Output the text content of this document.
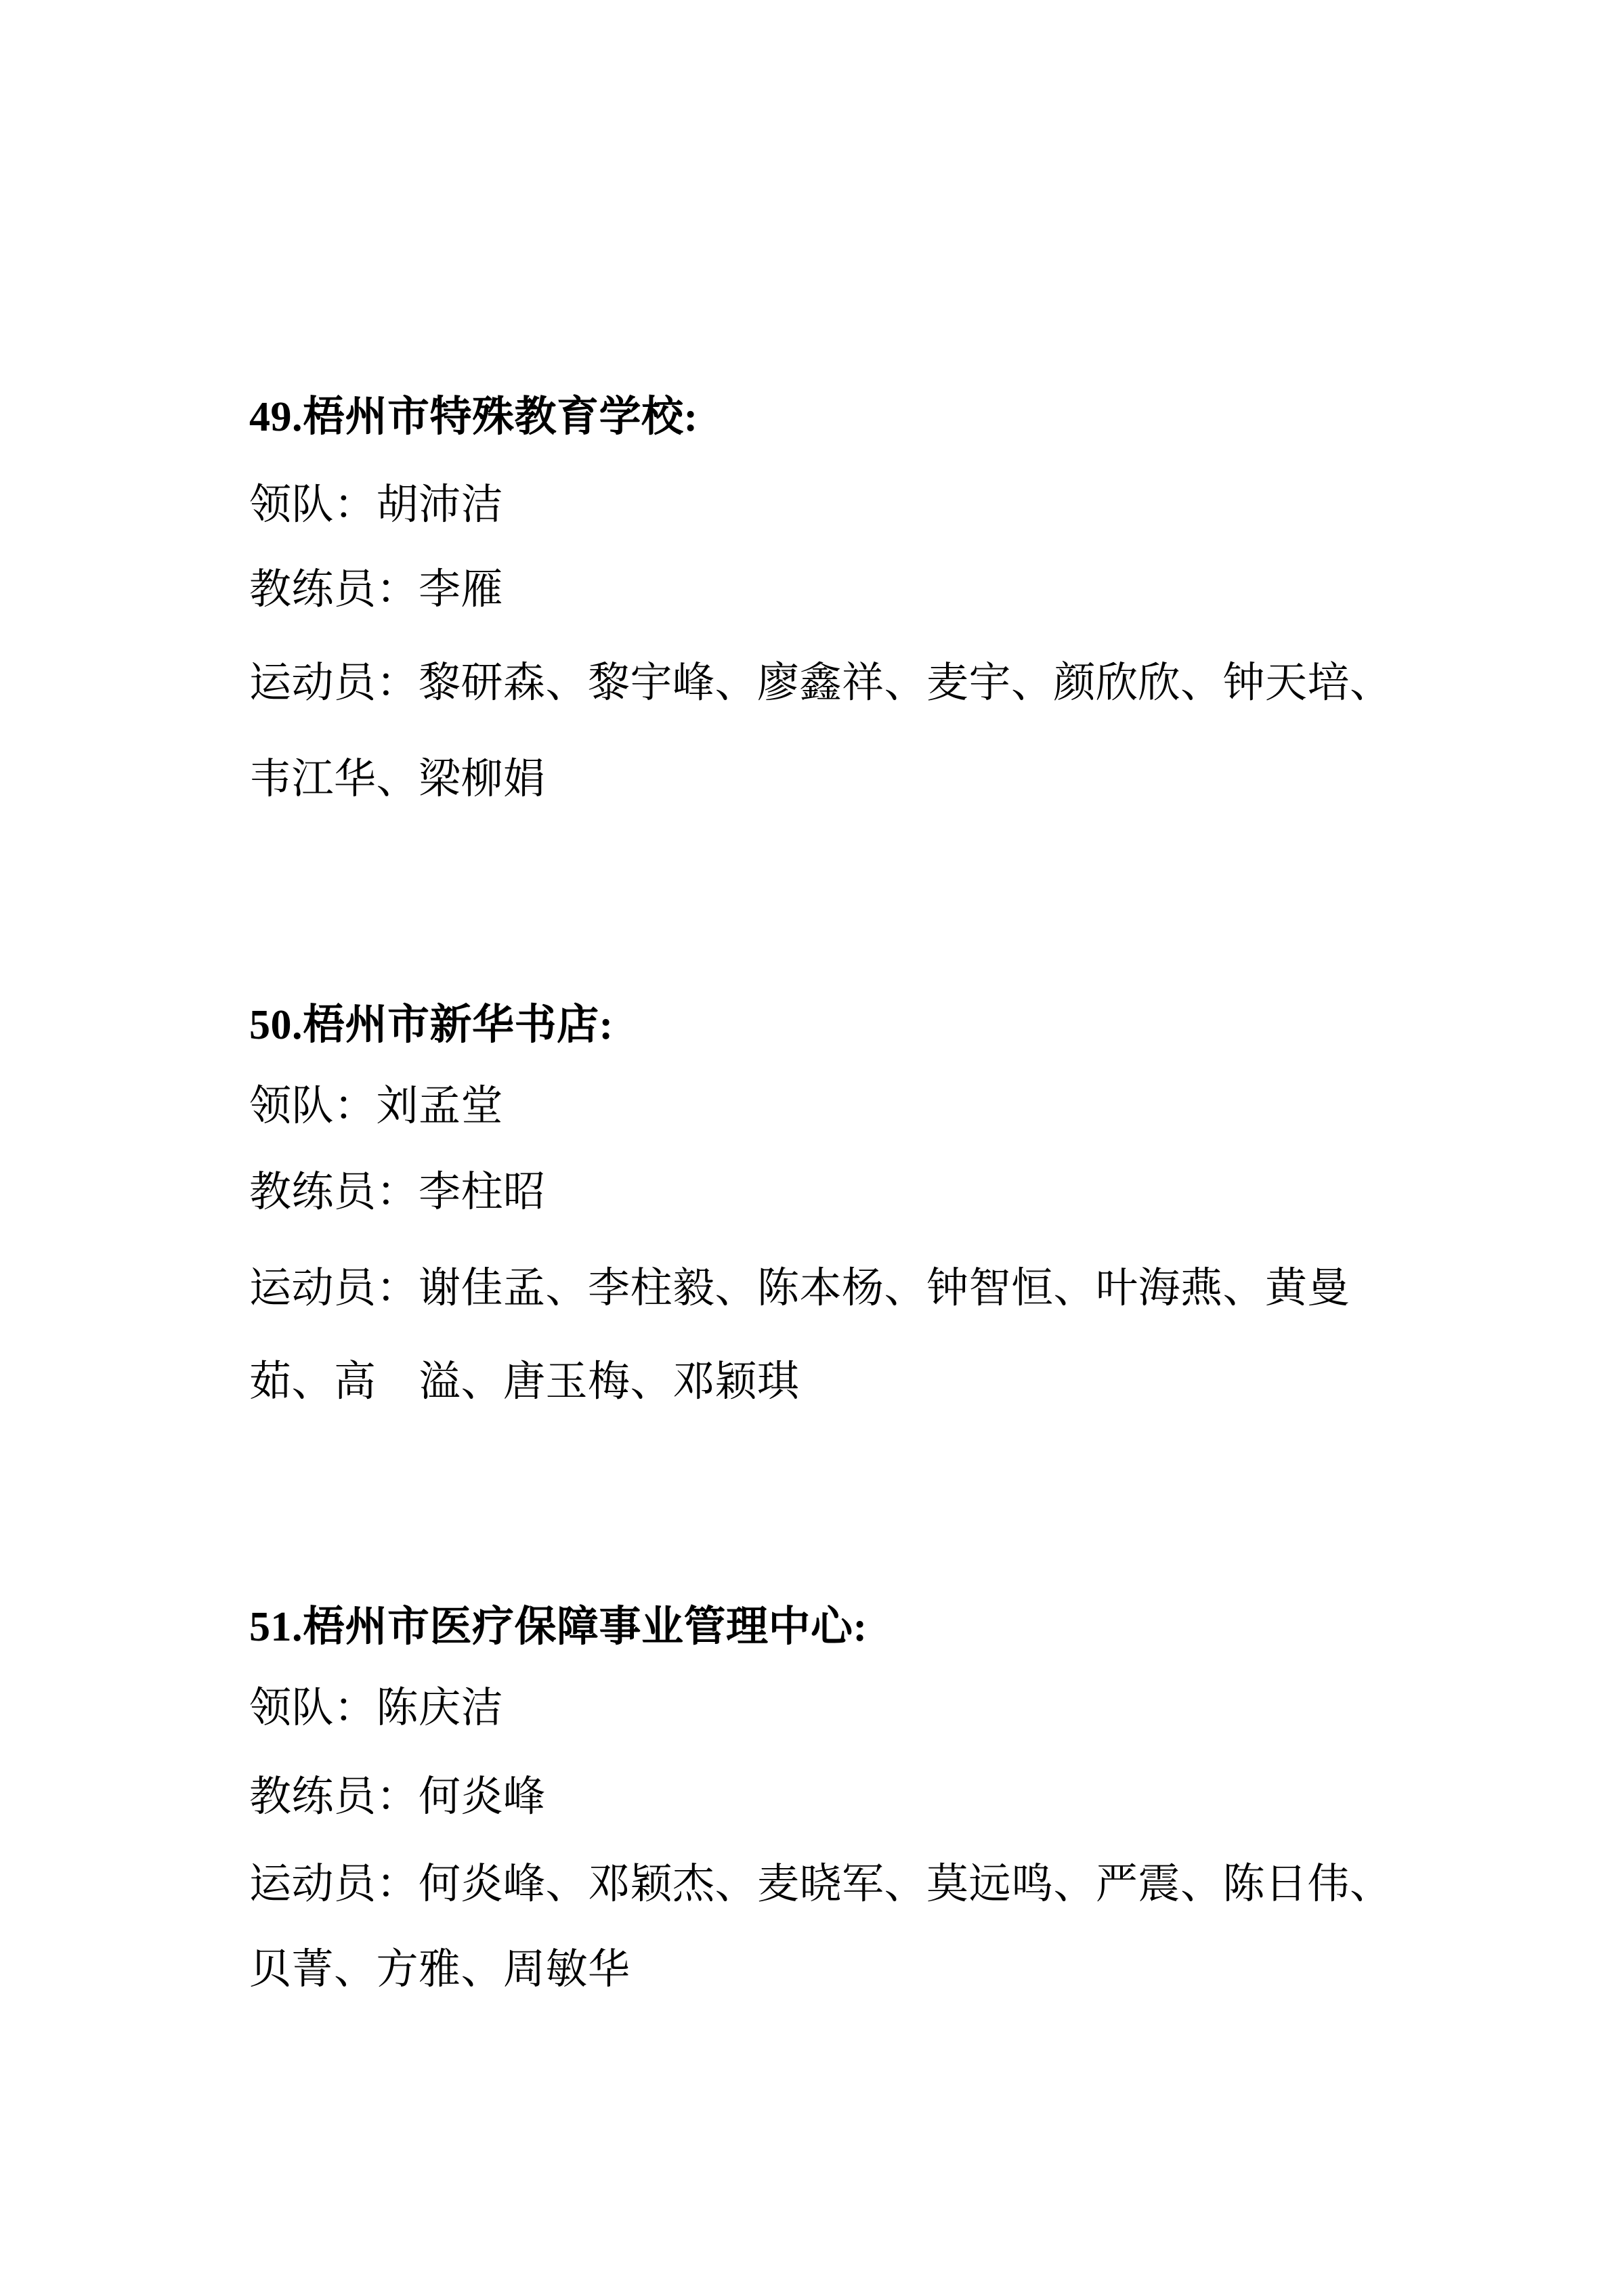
49.梧州市特殊教育学校:

领队：胡沛洁

教练员：李雁

运动员：黎研森、黎宇峰、廖鑫祥、麦宇、颜欣欣、钟天培、

韦江华、梁柳娟

50.梧州市新华书店:

领队：刘孟堂

教练员：李柱昭

运动员：谢佳孟、李柱毅、陈本杨、钟智恒、叶海燕、黄曼

茹、高　溢、唐玉梅、邓颖琪

51.梧州市医疗保障事业管理中心:

领队：陈庆洁

教练员：何炎峰

运动员：何炎峰、邓颖杰、麦晓军、莫远鸣、严震、陈日伟、

贝菁、方雅、周敏华
